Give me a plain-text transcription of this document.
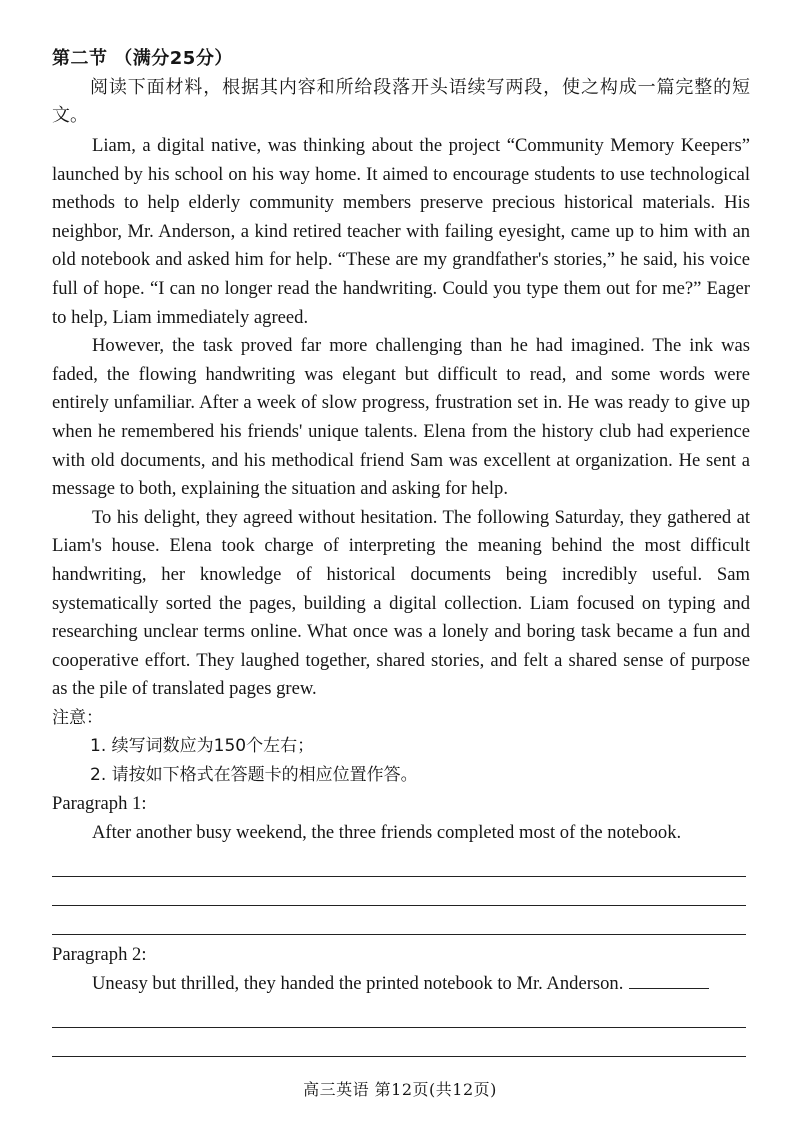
第二节 （满分25分）

阅读下面材料，根据其内容和所给段落开头语续写两段，使之构成一篇完整的短文。

Liam, a digital native, was thinking about the project “Community Memory Keepers” launched by his school on his way home. It aimed to encourage students to use technological methods to help elderly community members preserve precious historical materials. His neighbor, Mr. Anderson, a kind retired teacher with failing eyesight, came up to him with an old notebook and asked him for help. “These are my grandfather's stories,” he said, his voice full of hope. “I can no longer read the handwriting. Could you type them out for me?” Eager to help, Liam immediately agreed.

However, the task proved far more challenging than he had imagined. The ink was faded, the flowing handwriting was elegant but difficult to read, and some words were entirely unfamiliar. After a week of slow progress, frustration set in. He was ready to give up when he remembered his friends' unique talents. Elena from the history club had experience with old documents, and his methodical friend Sam was excellent at organization. He sent a message to both, explaining the situation and asking for help.

To his delight, they agreed without hesitation. The following Saturday, they gathered at Liam's house. Elena took charge of interpreting the meaning behind the most difficult handwriting, her knowledge of historical documents being incredibly useful. Sam systematically sorted the pages, building a digital collection. Liam focused on typing and researching unclear terms online. What once was a lonely and boring task became a fun and cooperative effort. They laughed together, shared stories, and felt a shared sense of purpose as the pile of translated pages grew.

注意：

1. 续写词数应为150个左右；

2. 请按如下格式在答题卡的相应位置作答。

Paragraph 1:

After another busy weekend, the three friends completed most of the notebook.

Paragraph 2:

Uneasy but thrilled, they handed the printed notebook to Mr. Anderson.

高三英语 第12页(共12页)
